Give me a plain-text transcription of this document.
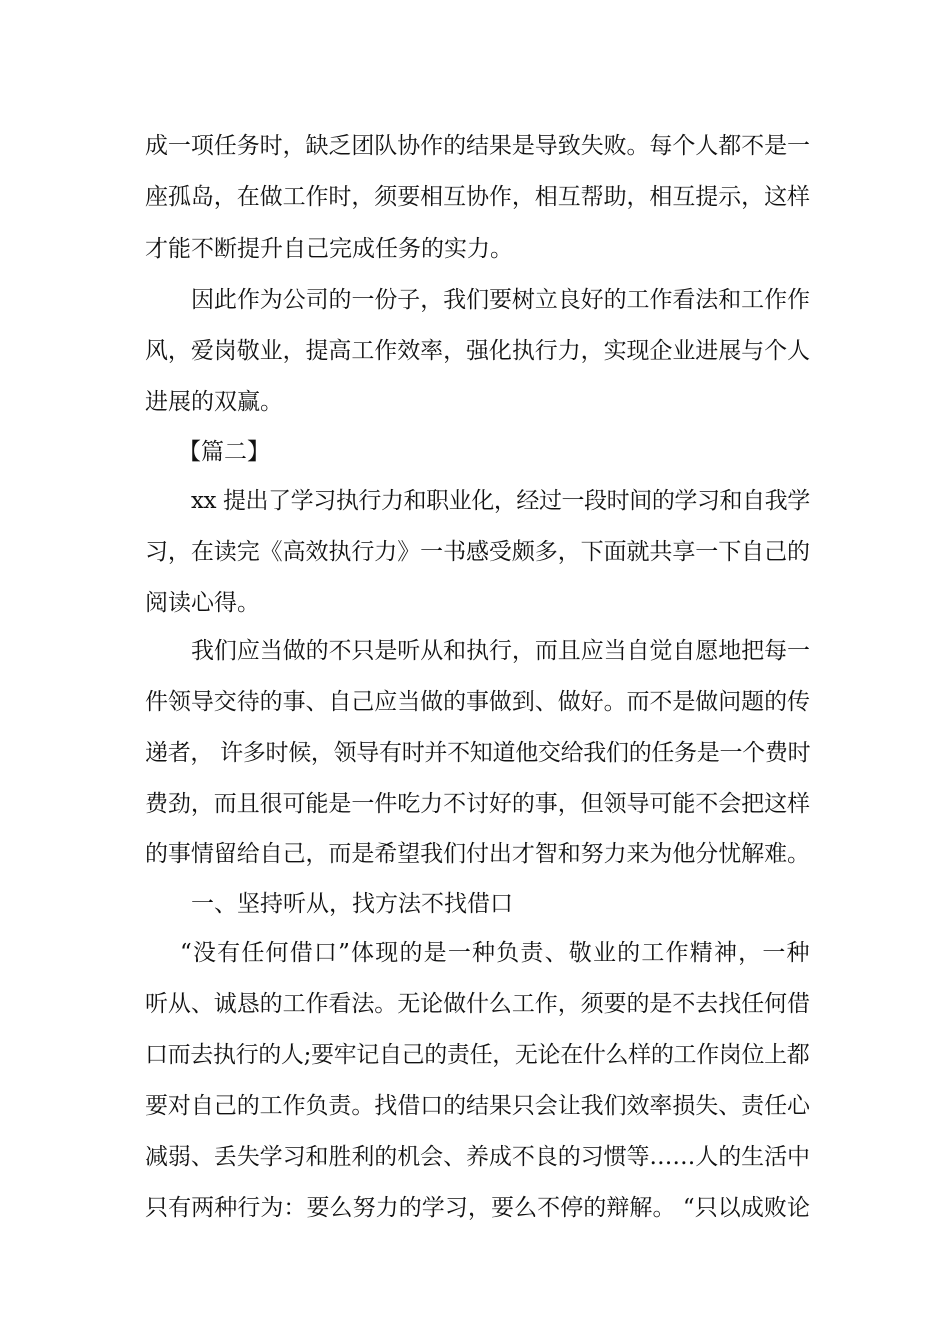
成一项任务时，缺乏团队协作的结果是导致失败。每个人都不是一
座孤岛，在做工作时，须要相互协作，相互帮助，相互提示，这样
才能不断提升自己完成任务的实力。
因此作为公司的一份子，我们要树立良好的工作看法和工作作
风，爱岗敬业，提高工作效率，强化执行力，实现企业进展与个人
进展的双赢。
【篇二】
xx 提出了学习执行力和职业化，经过一段时间的学习和自我学
习，在读完《高效执行力》一书感受颇多，下面就共享一下自己的
阅读心得。
我们应当做的不只是听从和执行，而且应当自觉自愿地把每一
件领导交待的事、自己应当做的事做到、做好。而不是做问题的传
递者， 许多时候，领导有时并不知道他交给我们的任务是一个费时
费劲，而且很可能是一件吃力不讨好的事，但领导可能不会把这样
的事情留给自己，而是希望我们付出才智和努力来为他分忧解难。
一、坚持听从，找方法不找借口
“没有任何借口”体现的是一种负责、敬业的工作精神，一种
听从、诚恳的工作看法。无论做什么工作，须要的是不去找任何借
口而去执行的人;要牢记自己的责任，无论在什么样的工作岗位上都
要对自己的工作负责。找借口的结果只会让我们效率损失、责任心
减弱、丢失学习和胜利的机会、养成不良的习惯等……人的生活中
只有两种行为：要么努力的学习，要么不停的辩解。 “只以成败论
